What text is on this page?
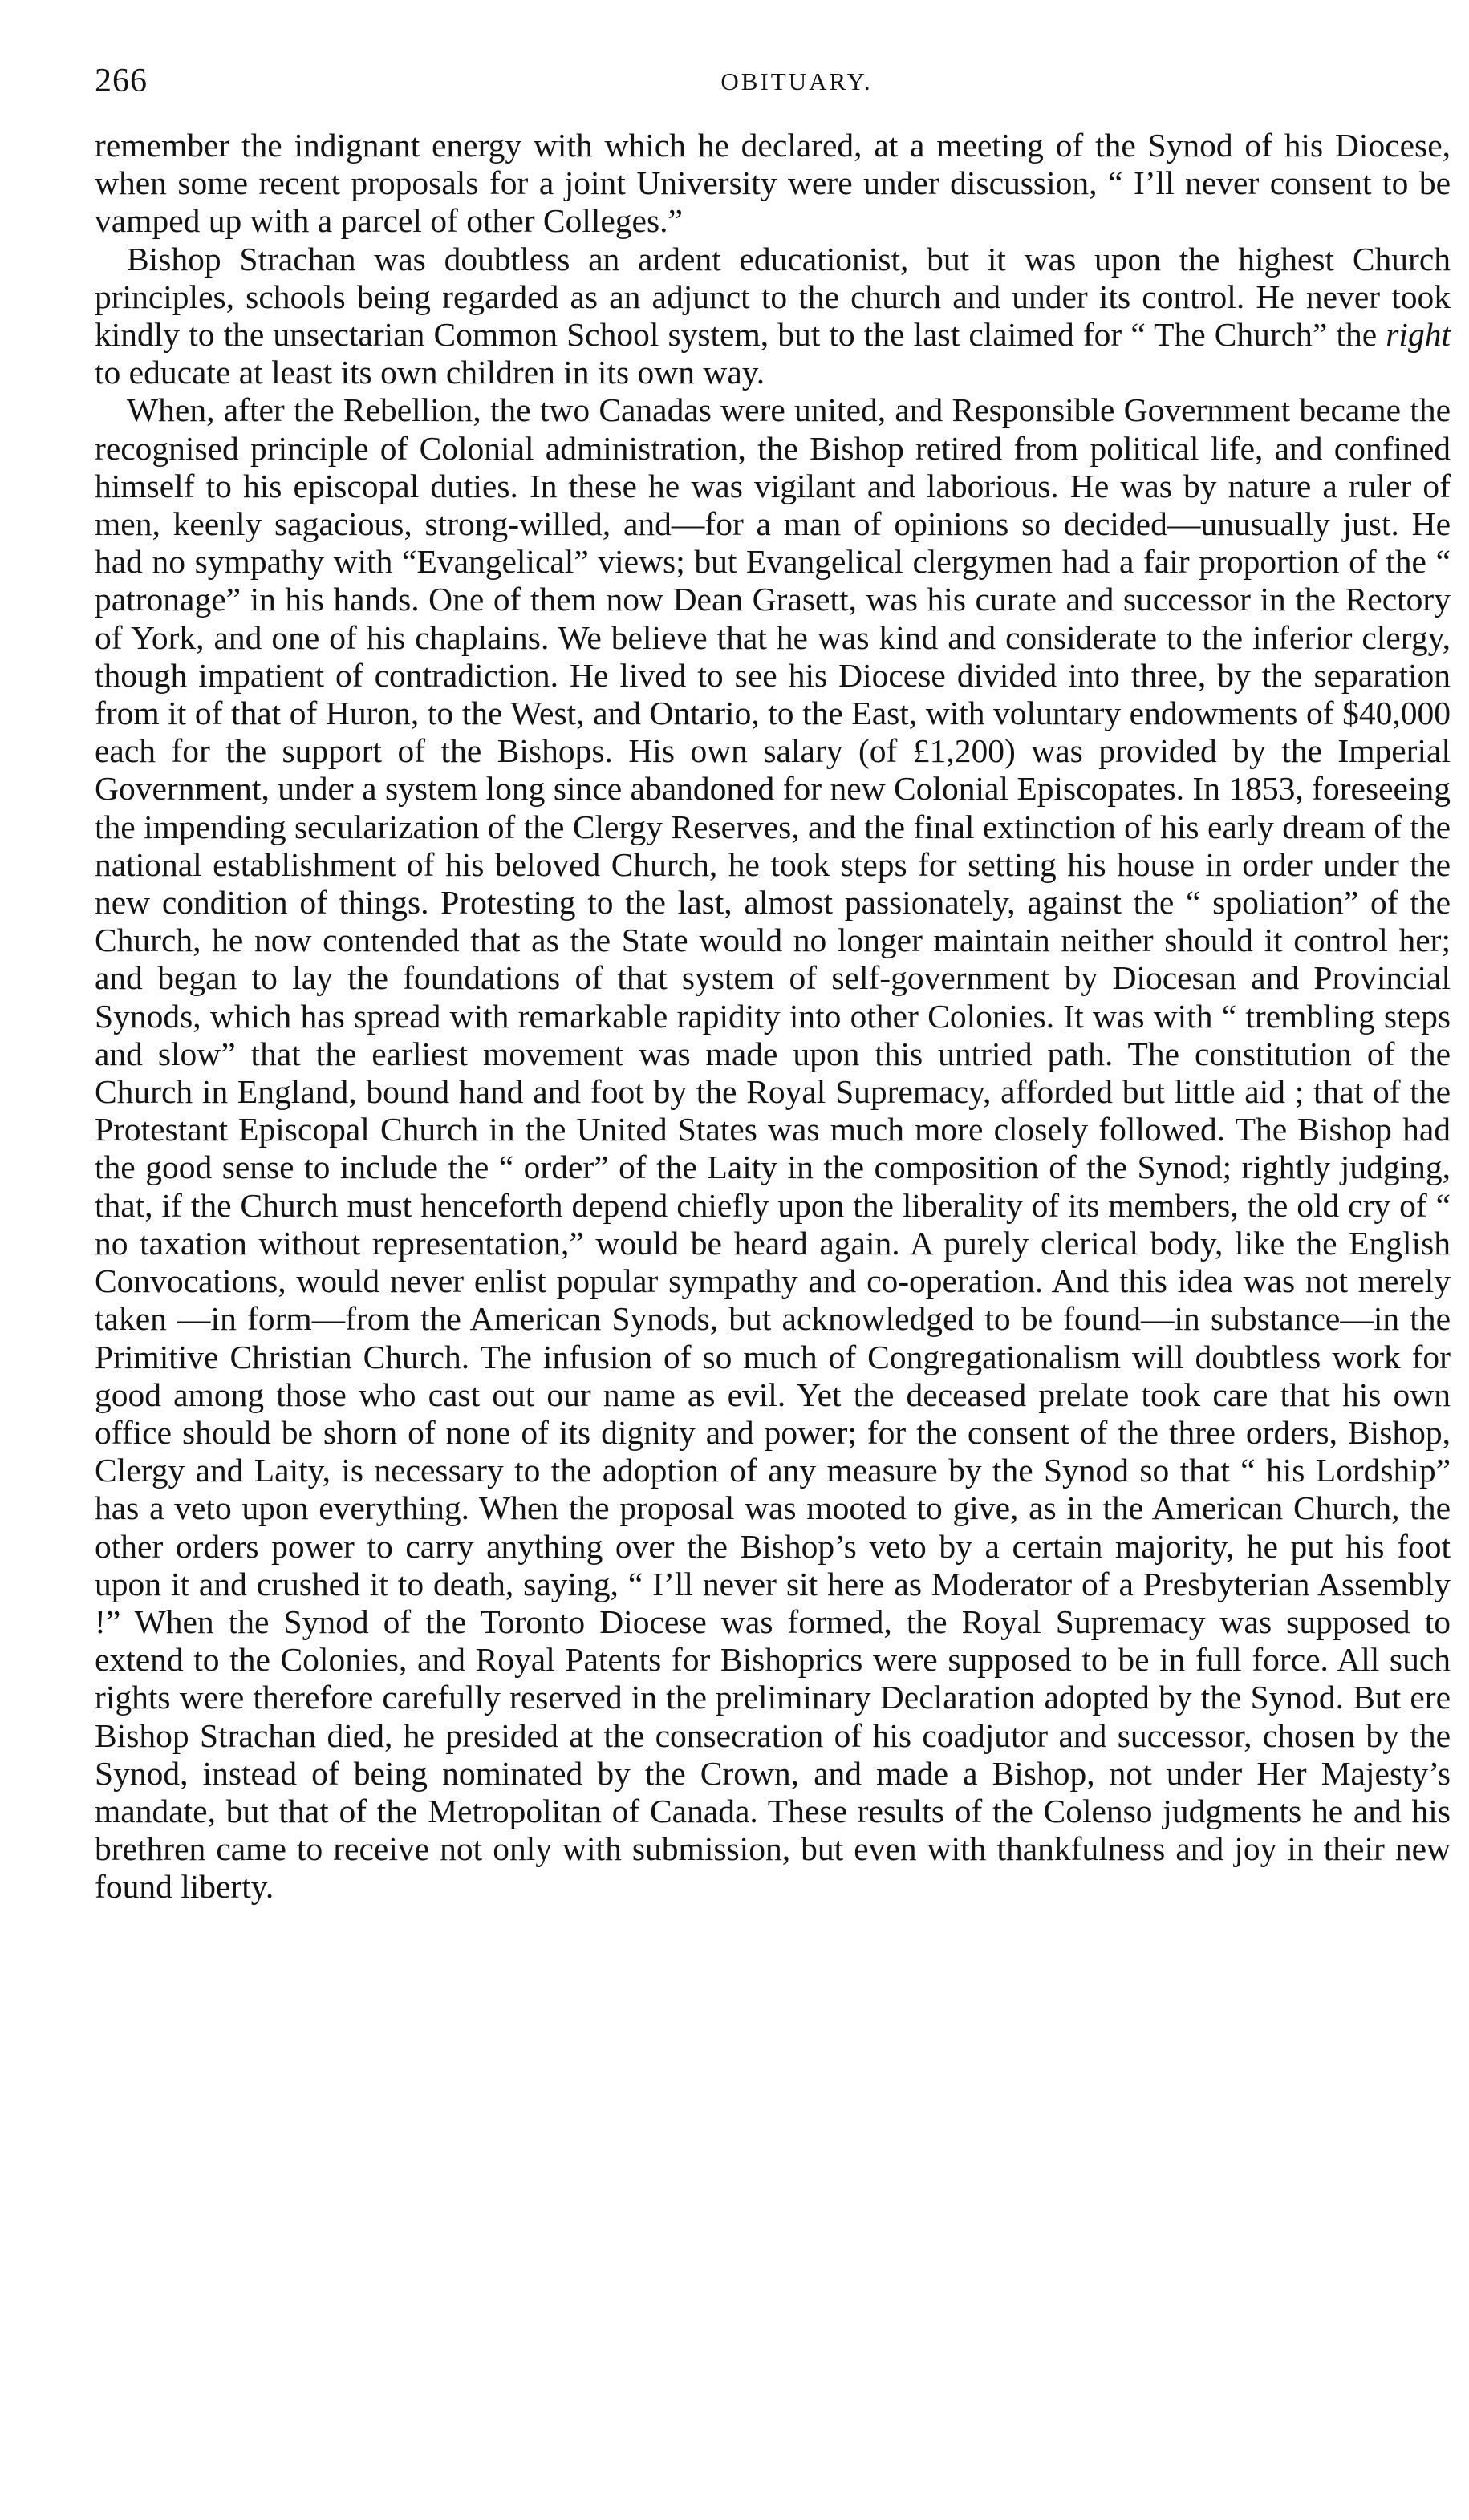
266	OBITUARY.

remember the indignant energy with which he declared, at a meeting of the Synod of his Diocese, when some recent proposals for a joint University were under discussion, “ I’ll never consent to be vamped up with a parcel of other Colleges.”

Bishop Strachan was doubtless an ardent educationist, but it was upon the highest Church principles, schools being regarded as an adjunct to the church and under its control. He never took kindly to the unsectarian Common School system, but to the last claimed for “ The Church” the right to educate at least its own children in its own way.

When, after the Rebellion, the two Canadas were united, and Responsible Government became the recognised principle of Colonial administration, the Bishop retired from political life, and confined himself to his episcopal duties. In these he was vigilant and laborious. He was by nature a ruler of men, keenly sagacious, strong-willed, and—for a man of opinions so decided—unusually just. He had no sympathy with “Evangelical” views; but Evangelical clergymen had a fair proportion of the “ patronage” in his hands. One of them now Dean Grasett, was his curate and successor in the Rectory of York, and one of his chaplains. We believe that he was kind and considerate to the inferior clergy, though impatient of contradiction. He lived to see his Diocese divided into three, by the separation from it of that of Huron, to the West, and Ontario, to the East, with voluntary endowments of $40,000 each for the support of the Bishops. His own salary (of £1,200) was provided by the Imperial Government, under a system long since abandoned for new Colonial Episcopates. In 1853, foreseeing the impending secularization of the Clergy Reserves, and the final extinction of his early dream of the national establishment of his beloved Church, he took steps for setting his house in order under the new condition of things. Protesting to the last, almost passionately, against the “ spoliation” of the Church, he now contended that as the State would no longer maintain neither should it control her; and began to lay the foundations of that system of self-government by Diocesan and Provincial Synods, which has spread with remarkable rapidity into other Colonies. It was with “ trembling steps and slow” that the earliest movement was made upon this untried path. The constitution of the Church in England, bound hand and foot by the Royal Supremacy, afforded but little aid ; that of the Protestant Episcopal Church in the United States was much more closely followed. The Bishop had the good sense to include the “ order” of the Laity in the composition of the Synod; rightly judging, that, if the Church must henceforth depend chiefly upon the liberality of its members, the old cry of “ no taxation without representation,” would be heard again. A purely clerical body, like the English Convocations, would never enlist popular sympathy and co-operation. And this idea was not merely taken —in form—from the American Synods, but acknowledged to be found—in substance—in the Primitive Christian Church. The infusion of so much of Congregationalism will doubtless work for good among those who cast out our name as evil. Yet the deceased prelate took care that his own office should be shorn of none of its dignity and power; for the consent of the three orders, Bishop, Clergy and Laity, is necessary to the adoption of any measure by the Synod so that “ his Lordship” has a veto upon everything. When the proposal was mooted to give, as in the American Church, the other orders power to carry anything over the Bishop’s veto by a certain majority, he put his foot upon it and crushed it to death, saying, “ I’ll never sit here as Moderator of a Presbyterian Assembly !” When the Synod of the Toronto Diocese was formed, the Royal Supremacy was supposed to extend to the Colonies, and Royal Patents for Bishoprics were supposed to be in full force. All such rights were therefore carefully reserved in the preliminary Declaration adopted by the Synod. But ere Bishop Strachan died, he presided at the consecration of his coadjutor and successor, chosen by the Synod, instead of being nominated by the Crown, and made a Bishop, not under Her Majesty’s mandate, but that of the Metropolitan of Canada. These results of the Colenso judgments he and his brethren came to receive not only with submission, but even with thankfulness and joy in their new found liberty.
